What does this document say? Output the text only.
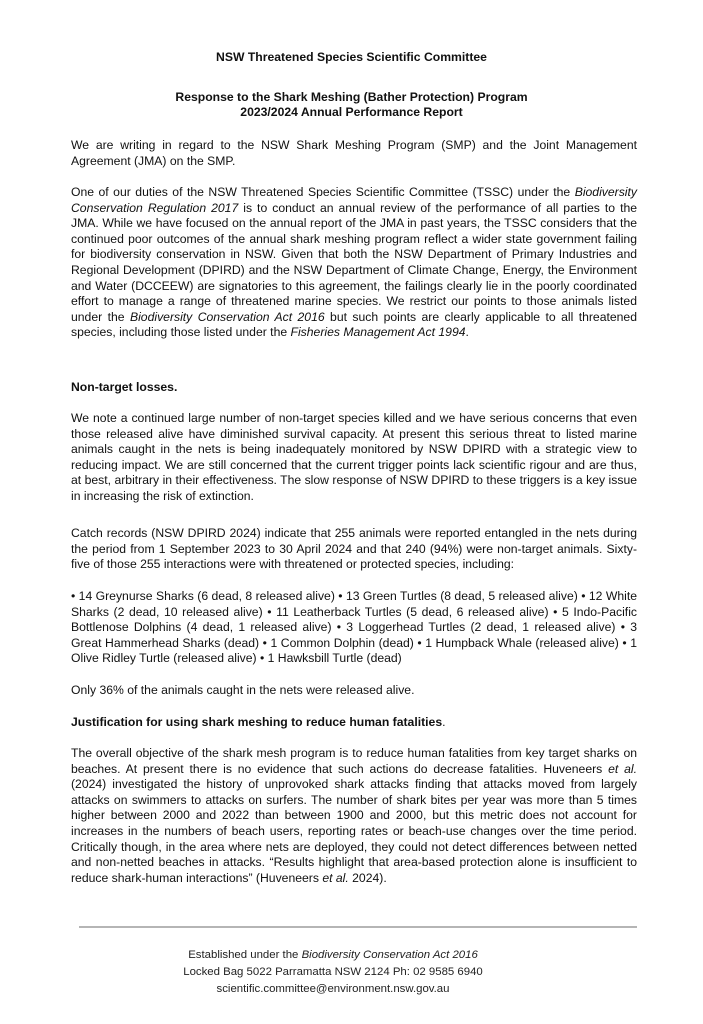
NSW Threatened Species Scientific Committee
Response to the Shark Meshing (Bather Protection) Program
2023/2024 Annual Performance Report

We are writing in regard to the NSW Shark Meshing Program (SMP) and the Joint Management Agreement (JMA) on the SMP.

One of our duties of the NSW Threatened Species Scientific Committee (TSSC) under the Biodiversity Conservation Regulation 2017 is to conduct an annual review of the performance of all parties to the JMA. While we have focused on the annual report of the JMA in past years, the TSSC considers that the continued poor outcomes of the annual shark meshing program reflect a wider state government failing for biodiversity conservation in NSW. Given that both the NSW Department of Primary Industries and Regional Development (DPIRD) and the NSW Department of Climate Change, Energy, the Environment and Water (DCCEEW) are signatories to this agreement, the failings clearly lie in the poorly coordinated effort to manage a range of threatened marine species. We restrict our points to those animals listed under the Biodiversity Conservation Act 2016 but such points are clearly applicable to all threatened species, including those listed under the Fisheries Management Act 1994.

Non-target losses.

We note a continued large number of non-target species killed and we have serious concerns that even those released alive have diminished survival capacity. At present this serious threat to listed marine animals caught in the nets is being inadequately monitored by NSW DPIRD with a strategic view to reducing impact. We are still concerned that the current trigger points lack scientific rigour and are thus, at best, arbitrary in their effectiveness. The slow response of NSW DPIRD to these triggers is a key issue in increasing the risk of extinction.

Catch records (NSW DPIRD 2024) indicate that 255 animals were reported entangled in the nets during the period from 1 September 2023 to 30 April 2024 and that 240 (94%) were non-target animals. Sixty-five of those 255 interactions were with threatened or protected species, including:

• 14 Greynurse Sharks (6 dead, 8 released alive) • 13 Green Turtles (8 dead, 5 released alive) • 12 White Sharks (2 dead, 10 released alive) • 11 Leatherback Turtles (5 dead, 6 released alive) • 5 Indo-Pacific Bottlenose Dolphins (4 dead, 1 released alive) • 3 Loggerhead Turtles (2 dead, 1 released alive) • 3 Great Hammerhead Sharks (dead) • 1 Common Dolphin (dead) • 1 Humpback Whale (released alive) • 1 Olive Ridley Turtle (released alive) • 1 Hawksbill Turtle (dead)

Only 36% of the animals caught in the nets were released alive.

Justification for using shark meshing to reduce human fatalities.

The overall objective of the shark mesh program is to reduce human fatalities from key target sharks on beaches. At present there is no evidence that such actions do decrease fatalities. Huveneers et al. (2024) investigated the history of unprovoked shark attacks finding that attacks moved from largely attacks on swimmers to attacks on surfers. The number of shark bites per year was more than 5 times higher between 2000 and 2022 than between 1900 and 2000, but this metric does not account for increases in the numbers of beach users, reporting rates or beach-use changes over the time period. Critically though, in the area where nets are deployed, they could not detect differences between netted and non-netted beaches in attacks. “Results highlight that area-based protection alone is insufficient to reduce shark-human interactions” (Huveneers et al. 2024).

Established under the Biodiversity Conservation Act 2016
Locked Bag 5022 Parramatta NSW 2124 Ph: 02 9585 6940
scientific.committee@environment.nsw.gov.au
